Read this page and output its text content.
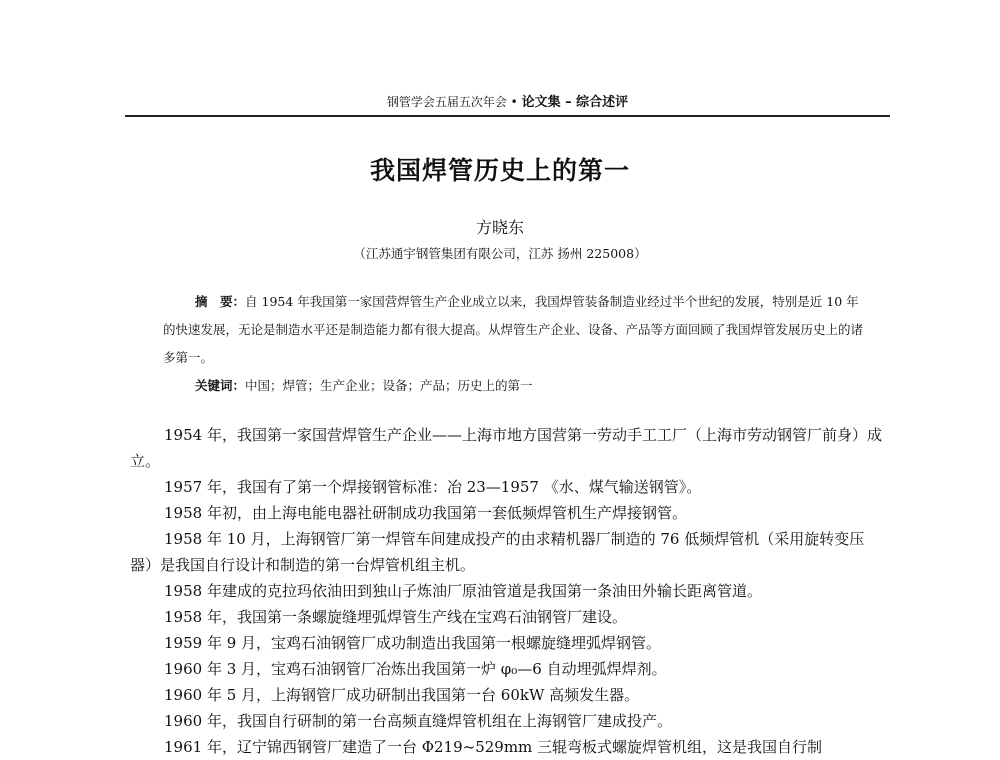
钢管学会五届五次年会 • 论文集 – 综合述评
我国焊管历史上的第一
方晓东
（江苏通宇钢管集团有限公司，江苏 扬州 225008）

摘　要：自 1954 年我国第一家国营焊管生产企业成立以来，我国焊管装备制造业经过半个世纪的发展，特别是近 10 年的快速发展，无论是制造水平还是制造能力都有很大提高。从焊管生产企业、设备、产品等方面回顾了我国焊管发展历史上的诸多第一。

关键词：中国；焊管；生产企业；设备；产品；历史上的第一

1954 年，我国第一家国营焊管生产企业——上海市地方国营第一劳动手工工厂（上海市劳动钢管厂前身）成立。

1957 年，我国有了第一个焊接钢管标准：冶 23—1957 《水、煤气输送钢管》。

1958 年初，由上海电能电器社研制成功我国第一套低频焊管机生产焊接钢管。

1958 年 10 月，上海钢管厂第一焊管车间建成投产的由求精机器厂制造的 76 低频焊管机（采用旋转变压器）是我国自行设计和制造的第一台焊管机组主机。

1958 年建成的克拉玛依油田到独山子炼油厂原油管道是我国第一条油田外输长距离管道。

1958 年，我国第一条螺旋缝埋弧焊管生产线在宝鸡石油钢管厂建设。

1959 年 9 月，宝鸡石油钢管厂成功制造出我国第一根螺旋缝埋弧焊钢管。

1960 年 3 月，宝鸡石油钢管厂冶炼出我国第一炉 φ₀—6 自动埋弧焊焊剂。

1960 年 5 月，上海钢管厂成功研制出我国第一台 60kW 高频发生器。

1960 年，我国自行研制的第一台高频直缝焊管机组在上海钢管厂建成投产。

1961 年，辽宁锦西钢管厂建造了一台 Φ219~529mm 三辊弯板式螺旋焊管机组，这是我国自行制
